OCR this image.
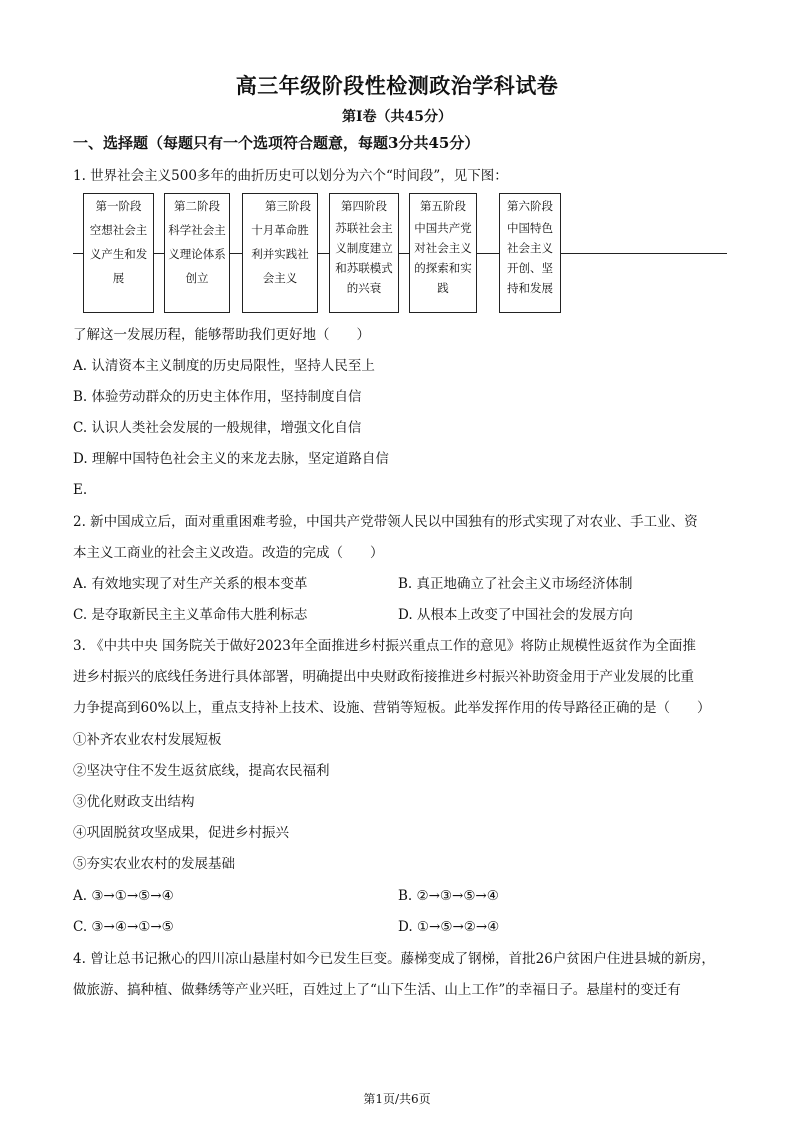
高三年级阶段性检测政治学科试卷
第Ⅰ卷（共45分）
一、选择题（每题只有一个选项符合题意，每题3分共45分）
1. 世界社会主义500多年的曲折历史可以划分为六个“时间段”，见下图：
第一阶段
空想社会主义产生和发展
第二阶段
科学社会主义理论体系创立
第三阶段
十月革命胜利并实践社会主义
第四阶段
苏联社会主义制度建立和苏联模式的兴衰
第五阶段
中国共产党对社会主义的探索和实践
第六阶段
中国特色社会主义开创、坚持和发展
了解这一发展历程，能够帮助我们更好地（　　）
A. 认清资本主义制度的历史局限性，坚持人民至上
B. 体验劳动群众的历史主体作用，坚持制度自信
C. 认识人类社会发展的一般规律，增强文化自信
D. 理解中国特色社会主义的来龙去脉，坚定道路自信
E.
2. 新中国成立后，面对重重困难考验，中国共产党带领人民以中国独有的形式实现了对农业、手工业、资
本主义工商业的社会主义改造。改造的完成（　　）
A. 有效地实现了对生产关系的根本变革	B. 真正地确立了社会主义市场经济体制
C. 是夺取新民主主义革命伟大胜利标志	D. 从根本上改变了中国社会的发展方向
3. 《中共中央 国务院关于做好2023年全面推进乡村振兴重点工作的意见》将防止规模性返贫作为全面推
进乡村振兴的底线任务进行具体部署，明确提出中央财政衔接推进乡村振兴补助资金用于产业发展的比重
力争提高到60%以上，重点支持补上技术、设施、营销等短板。此举发挥作用的传导路径正确的是（　　）
①补齐农业农村发展短板
②坚决守住不发生返贫底线，提高农民福利
③优化财政支出结构
④巩固脱贫攻坚成果，促进乡村振兴
⑤夯实农业农村的发展基础
A. ③→①→⑤→④	B. ②→③→⑤→④
C. ③→④→①→⑤	D. ①→⑤→②→④
4. 曾让总书记揪心的四川凉山悬崖村如今已发生巨变。藤梯变成了钢梯，首批26户贫困户住进县城的新房，
做旅游、搞种植、做彝绣等产业兴旺，百姓过上了“山下生活、山上工作”的幸福日子。悬崖村的变迁有
第1页/共6页
